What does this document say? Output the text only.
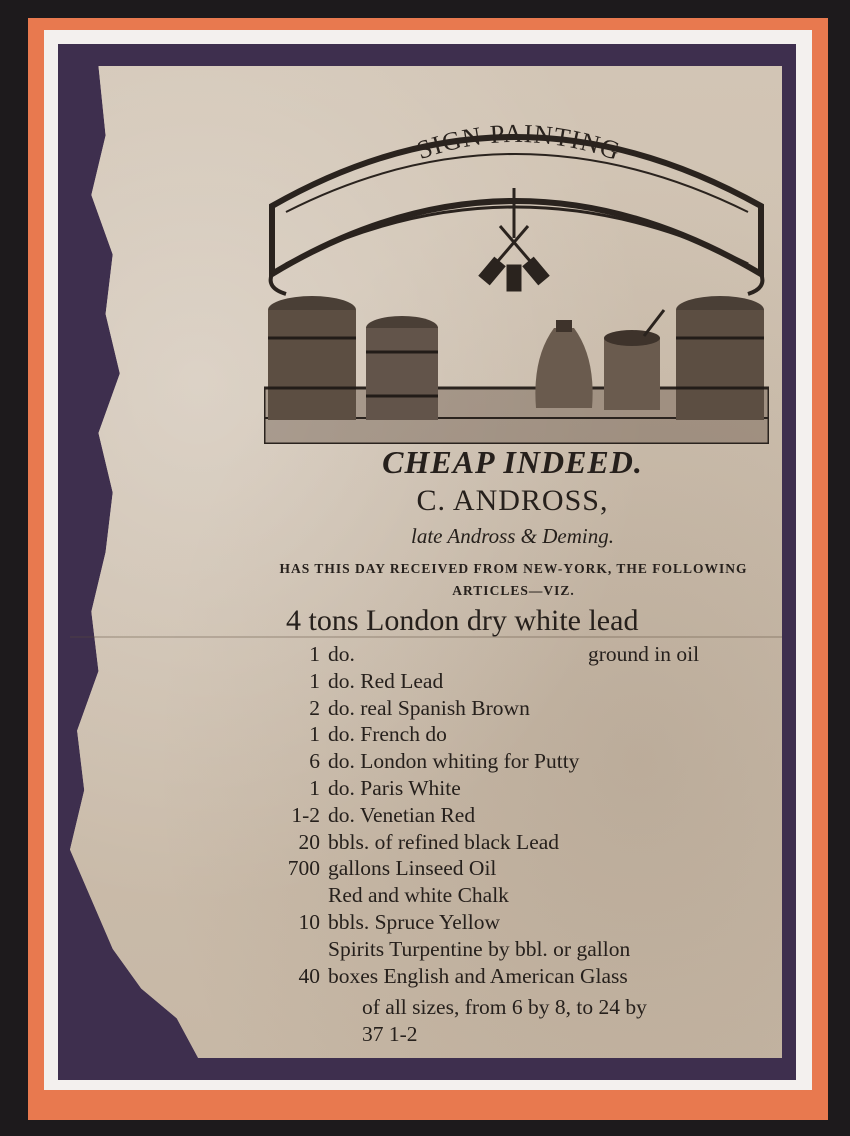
SIGN PAINTING
CHEAP INDEED.
C. ANDROSS,
late Andross & Deming.
HAS THIS DAY RECEIVED FROM NEW-YORK, THE FOLLOWING ARTICLES—VIZ.
4 tons London dry white lead
1 do.	ground in oil
1 do. Red Lead
2 do. real Spanish Brown
1 do. French do
6 do. London whiting for Putty
1 do. Paris White
1-2 do. Venetian Red
20 bbls. of refined black Lead
700 gallons Linseed Oil
Red and white Chalk
10 bbls. Spruce Yellow
Spirits Turpentine by bbl. or gallon
40 boxes English and American Glass
of all sizes, from 6 by 8, to 24 by
37 1-2
